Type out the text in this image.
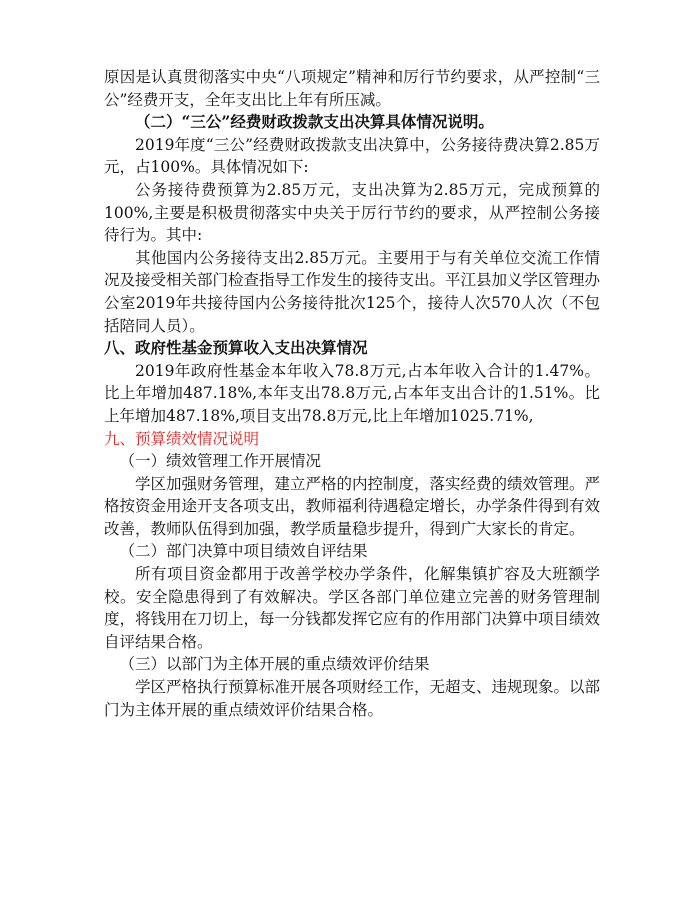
原因是认真贯彻落实中央“八项规定”精神和厉行节约要求，从严控制“三公”经费开支，全年支出比上年有所压减。

（二）“三公”经费财政拨款支出决算具体情况说明。

2019年度“三公”经费财政拨款支出决算中，公务接待费决算2.85万元，占100%。具体情况如下:

公务接待费预算为2.85万元，支出决算为2.85万元，完成预算的100%,主要是积极贯彻落实中央关于厉行节约的要求，从严控制公务接待行为。其中:

其他国内公务接待支出2.85万元。主要用于与有关单位交流工作情况及接受相关部门检查指导工作发生的接待支出。平江县加义学区管理办公室2019年共接待国内公务接待批次125个，接待人次570人次（不包括陪同人员）。

八、政府性基金预算收入支出决算情况

2019年政府性基金本年收入78.8万元,占本年收入合计的1.47%。比上年增加487.18%,本年支出78.8万元,占本年支出合计的1.51%。比上年增加487.18%,项目支出78.8万元,比上年增加1025.71%,

九、预算绩效情况说明

（一）绩效管理工作开展情况

学区加强财务管理，建立严格的内控制度，落实经费的绩效管理。严格按资金用途开支各项支出，教师福利待遇稳定增长，办学条件得到有效改善，教师队伍得到加强，教学质量稳步提升，得到广大家长的肯定。

（二）部门决算中项目绩效自评结果

所有项目资金都用于改善学校办学条件，化解集镇扩容及大班额学校。安全隐患得到了有效解决。学区各部门单位建立完善的财务管理制度，将钱用在刀切上，每一分钱都发挥它应有的作用部门决算中项目绩效自评结果合格。

（三）以部门为主体开展的重点绩效评价结果

学区严格执行预算标准开展各项财经工作，无超支、违规现象。以部门为主体开展的重点绩效评价结果合格。
